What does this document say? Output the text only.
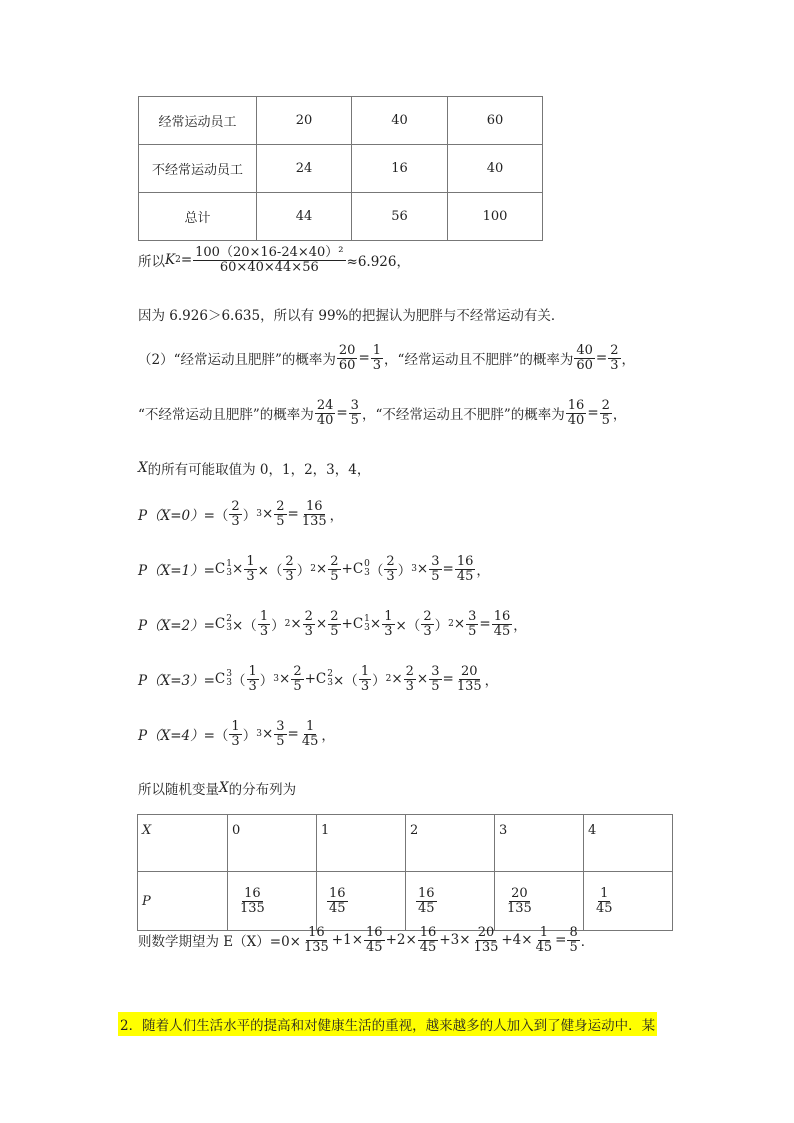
经常运动员工	20	40	60
不经常运动员工	24	16	40
总计	44	56	100
所以 K $2 = \frac{\text{100（20×16-24×40）²}}{60\times 40\times 44\times 56} \approx 6.926$，
因为 6.926＞6.635，所以有 99%的把握认为肥胖与不经常运动有关．
（2）“经常运动且肥胖”的概率为 $\frac{20}{60} = \frac{1}{3}$ ，“经常运动且不肥胖”的概率为 $\frac{40}{60} = \frac{2}{3}$ ，
“不经常运动且肥胖”的概率为 $\frac{24}{40} = \frac{3}{5}$ ，“不经常运动且不肥胖”的概率为 $\frac{16}{40} = \frac{2}{5}$ ，
X 的所有可能取值为 0，1，2，3，4，
P（X=0）= （ $\frac{2}{3}$ ） $3 \times \frac{2}{5} = \frac{16}{135}$ ，
P（X=1）= C 1
$3 \times \frac{1}{3}$ ×（ $\frac{2}{3}$ ） $2 \times \frac{2}{5} + C$ 0
3 （ $\frac{2}{3}$ ） $3 \times \frac{3}{5} = \frac{16}{45}$ ，
P（X=2）= C 2
3 ×（ $\frac{1}{3}$ ） $2 \times \frac{2}{3} \times \frac{2}{5} + C$ 1
$3 \times \frac{1}{3}$ ×（ $\frac{2}{3}$ ） $2 \times \frac{3}{5} = \frac{16}{45}$ ，
P（X=3）= C 3
3 （ $\frac{1}{3}$ ） $3 \times \frac{2}{5} + C$ 2
3 ×（ $\frac{1}{3}$ ） $2 \times \frac{2}{3} \times \frac{3}{5} = \frac{20}{135}$ ，
P（X=4）= （ $\frac{1}{3}$ ） $3 \times \frac{3}{5} = \frac{1}{45}$ ，
所以随机变量 X 的分布列为
X	0	1	2	3	4
P	$\frac{16}{135}$	$\frac{16}{45}$	$\frac{16}{45}$	$\frac{20}{135}$	$\frac{1}{45}$
则数学期望为 $E(X)=0\times \frac{16}{135} +1\times \frac{16}{45} +2\times \frac{16}{45} +3\times \frac{20}{135} +4\times \frac{1}{45} = \frac{8}{5}$ ．
2．随着人们生活水平的提高和对健康生活的重视，越来越多的人加入到了健身运动中．某
